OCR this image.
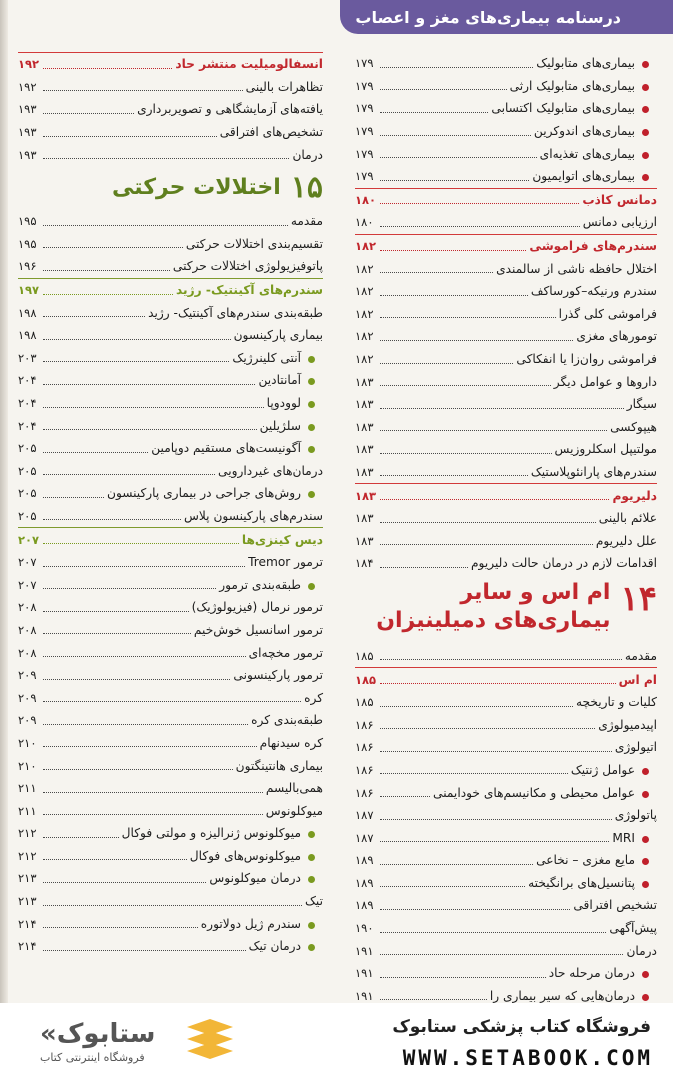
درسنامه بیماری‌های مغز و اعصاب
بیماری‌های متابولیک
۱۷۹
بیماری‌های متابولیک ارثی
۱۷۹
بیماری‌های متابولیک اکتسابی
۱۷۹
بیماری‌های اندوکرین
۱۷۹
بیماری‌های تغذیه‌ای
۱۷۹
بیماری‌های اتوایمیون
۱۷۹
دمانس کاذب
۱۸۰
ارزیابی دمانس
۱۸۰
سندرم‌های فراموشی
۱۸۲
اختلال حافظه ناشی از سالمندی
۱۸۲
سندرم ورنیکه–کورساکف
۱۸۲
فراموشی کلی گذرا
۱۸۲
تومورهای مغزی
۱۸۲
فراموشی روان‌زا یا انفکاکی
۱۸۲
داروها و عوامل دیگر
۱۸۳
سیگار
۱۸۳
هیپوکسی
۱۸۳
مولتیپل اسکلروزیس
۱۸۳
سندرم‌های پارانئوپلاستیک
۱۸۳
دلیریوم
۱۸۳
علائم بالینی
۱۸۳
علل دلیریوم
۱۸۳
اقدامات لازم در درمان حالت دلیریوم
۱۸۴
۱۴
ام اس و سایر بیماری‌های دمیلینیزان
مقدمه
۱۸۵
ام اس
۱۸۵
کلیات و تاریخچه
۱۸۵
اپیدمیولوژی
۱۸۶
اتیولوژی
۱۸۶
عوامل ژنتیک
۱۸۶
عوامل محیطی و مکانیسم‌های خودایمنی
۱۸۶
پاتولوژی
۱۸۷
MRI
۱۸۷
مایع مغزی – نخاعی
۱۸۹
پتانسیل‌های برانگیخته
۱۸۹
تشخیص افتراقی
۱۸۹
پیش‌آگهی
۱۹۰
درمان
۱۹۱
درمان مرحله حاد
۱۹۱
درمان‌هایی که سیر بیماری را
۱۹۱
انسفالومیلیت منتشر حاد
۱۹۲
تظاهرات بالینی
۱۹۲
یافته‌های آزمایشگاهی و تصویربرداری
۱۹۳
تشخیص‌های افتراقی
۱۹۳
درمان
۱۹۳
۱۵
اختلالات حرکتی
مقدمه
۱۹۵
تقسیم‌بندی اختلالات حرکتی
۱۹۵
پاتوفیزیولوژی اختلالات حرکتی
۱۹۶
سندرم‌های آکینتیک- رژید
۱۹۷
طبقه‌بندی سندرم‌های آکینتیک- رژید
۱۹۸
بیماری پارکینسون
۱۹۸
آنتی کلینرژیک
۲۰۳
آمانتادین
۲۰۴
لوودوپا
۲۰۴
سلژیلین
۲۰۴
آگونیست‌های مستقیم دوپامین
۲۰۵
درمان‌های غیردارویی
۲۰۵
روش‌های جراحی در بیماری پارکینسون
۲۰۵
سندرم‌های پارکینسون پلاس
۲۰۵
دیس کینزی‌ها
۲۰۷
ترمور Tremor
۲۰۷
طبقه‌بندی ترمور
۲۰۷
ترمور نرمال (فیزیولوژیک)
۲۰۸
ترمور اسانسیل خوش‌خیم
۲۰۸
ترمور مخچه‌ای
۲۰۸
ترمور پارکینسونی
۲۰۹
کره
۲۰۹
طبقه‌بندی کره
۲۰۹
کره سیدنهام
۲۱۰
بیماری هانتینگتون
۲۱۰
همی‌بالیسم
۲۱۱
میوکلونوس
۲۱۱
میوکلونوس ژنرالیزه و مولتی فوکال
۲۱۲
میوکلونوس‌های فوکال
۲۱۲
درمان میوکلونوس
۲۱۳
تیک
۲۱۳
سندرم ژیل دولاتوره
۲۱۴
درمان تیک
۲۱۴
«ستابوک
فروشگاه اینترنتی کتاب
فروشگاه کتاب پزشکی ستابوک
WWW.SETABOOK.COM
